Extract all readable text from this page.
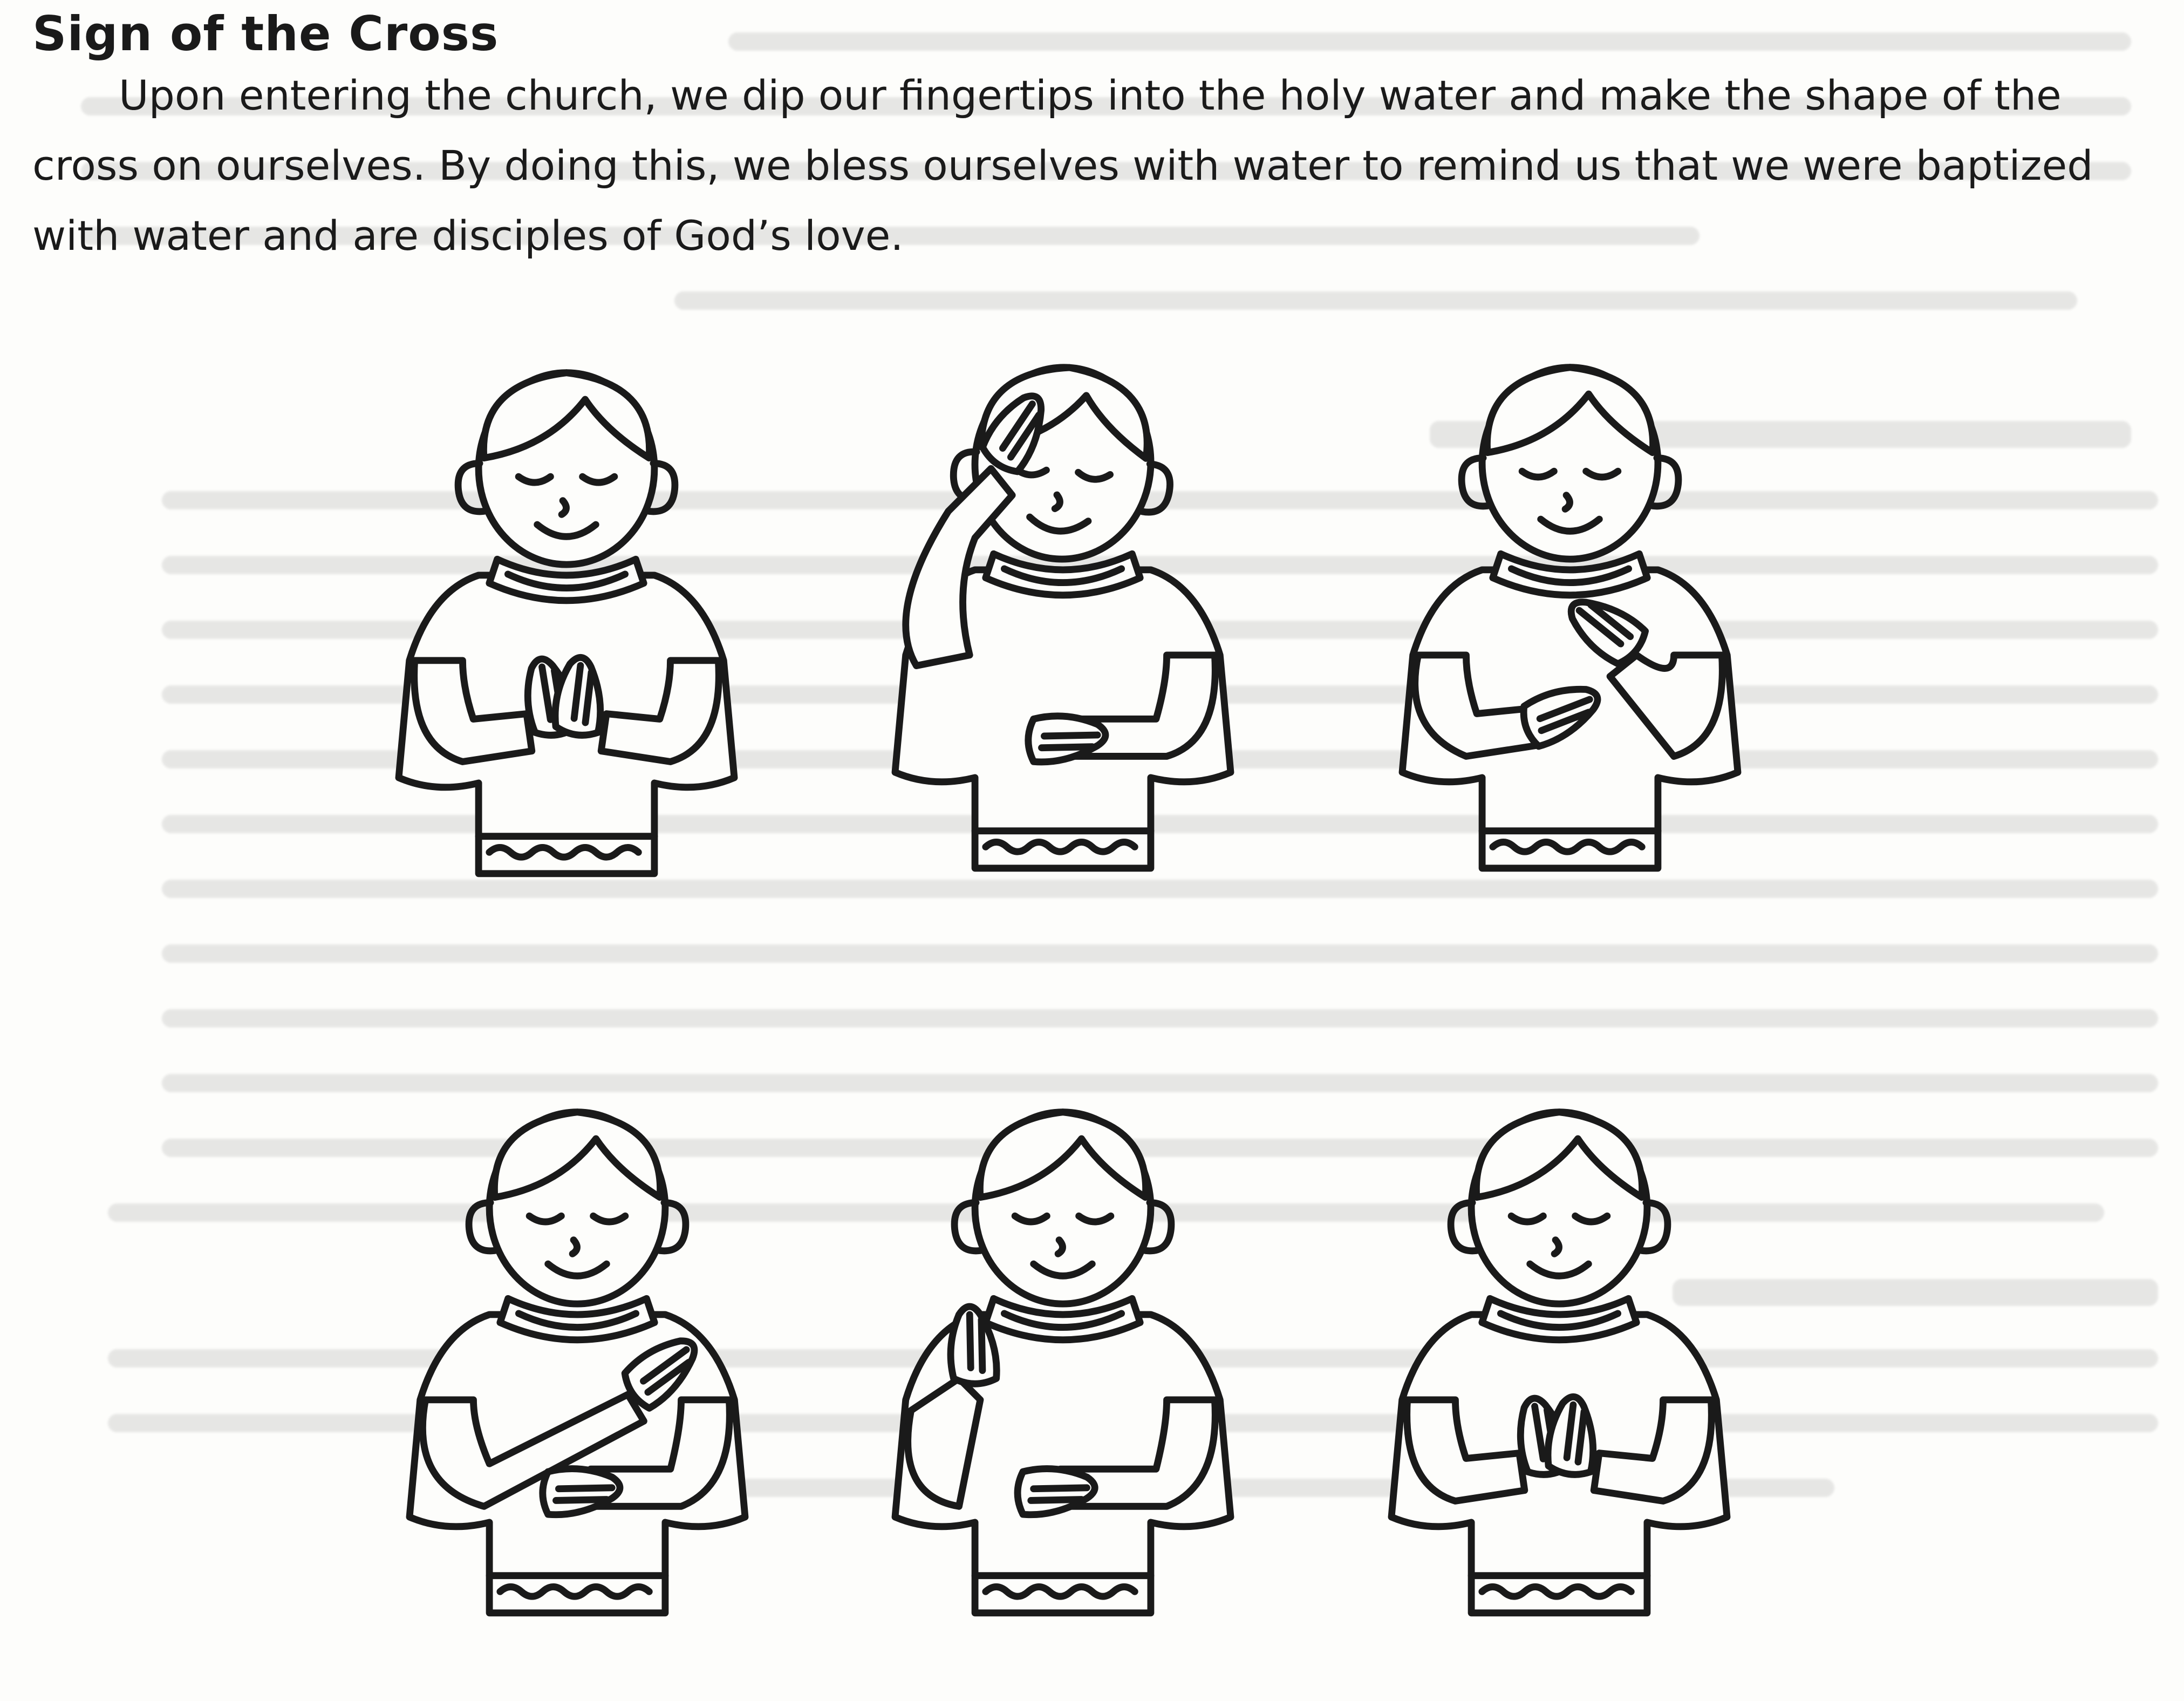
Sign of the Cross

Upon entering the church, we dip our fingertips into the holy water and make the shape of the cross on ourselves. By doing this, we bless ourselves with water to remind us that we were baptized with water and are disciples of God’s love.
